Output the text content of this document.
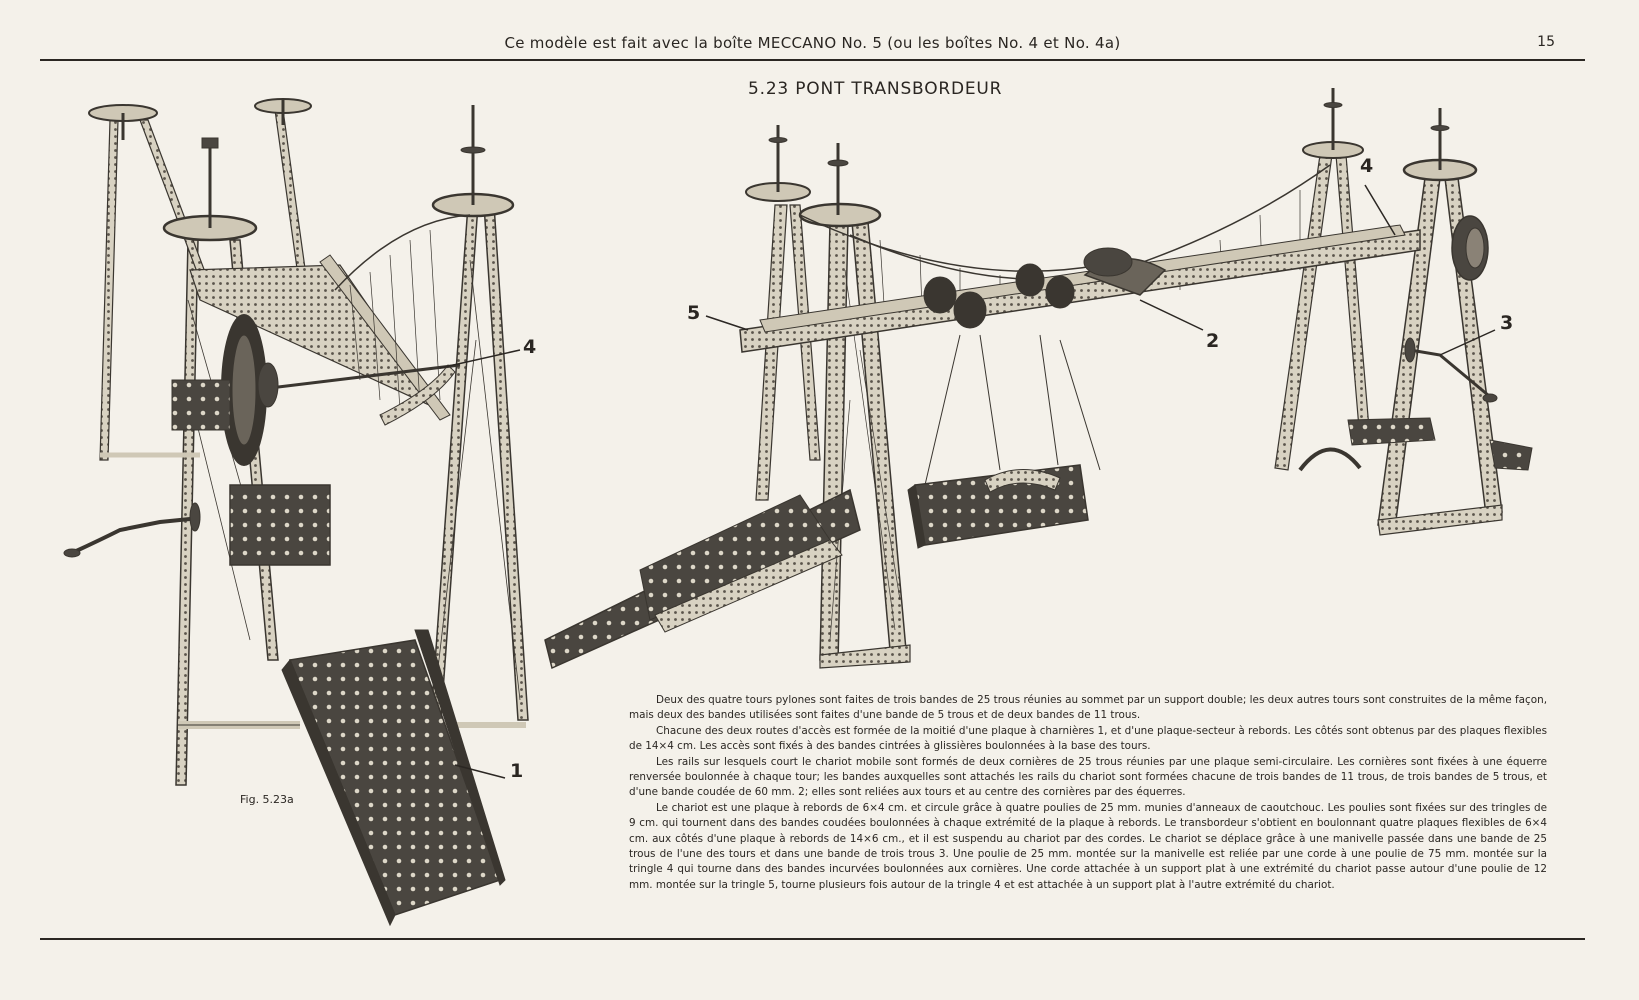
Ce modèle est fait avec la boîte MECCANO No. 5 (ou les boîtes No. 4 et No. 4a)	15
5.23 PONT TRANSBORDEUR
1
4
5
2
4
3
Fig. 5.23a

Deux des quatre tours pylones sont faites de trois bandes de 25 trous réunies au sommet par un support double; les deux autres tours sont construites de la même façon, mais deux des bandes utilisées sont faites d'une bande de 5 trous et de deux bandes de 11 trous.

Chacune des deux routes d'accès est formée de la moitié d'une plaque à charnières 1, et d'une plaque-secteur à rebords. Les côtés sont obtenus par des plaques flexibles de 14×4 cm. Les accès sont fixés à des bandes cintrées à glissières boulonnées à la base des tours.

Les rails sur lesquels court le chariot mobile sont formés de deux cornières de 25 trous réunies par une plaque semi-circulaire. Les cornières sont fixées à une équerre renversée boulonnée à chaque tour; les bandes auxquelles sont attachés les rails du chariot sont formées chacune de trois bandes de 11 trous, de trois bandes de 5 trous, et d'une bande coudée de 60 mm. 2; elles sont reliées aux tours et au centre des cornières par des équerres.

Le chariot est une plaque à rebords de 6×4 cm. et circule grâce à quatre poulies de 25 mm. munies d'anneaux de caoutchouc. Les poulies sont fixées sur des tringles de 9 cm. qui tournent dans des bandes coudées boulonnées à chaque extrémité de la plaque à rebords. Le transbordeur s'obtient en boulonnant quatre plaques flexibles de 6×4 cm. aux côtés d'une plaque à rebords de 14×6 cm., et il est suspendu au chariot par des cordes. Le chariot se déplace grâce à une manivelle passée dans une bande de 25 trous de l'une des tours et dans une bande de trois trous 3. Une poulie de 25 mm. montée sur la manivelle est reliée par une corde à une poulie de 75 mm. montée sur la tringle 4 qui tourne dans des bandes incurvées boulonnées aux cornières. Une corde attachée à un support plat à une extrémité du chariot passe autour d'une poulie de 12 mm. montée sur la tringle 5, tourne plusieurs fois autour de la tringle 4 et est attachée à un support plat à l'autre extrémité du chariot.
